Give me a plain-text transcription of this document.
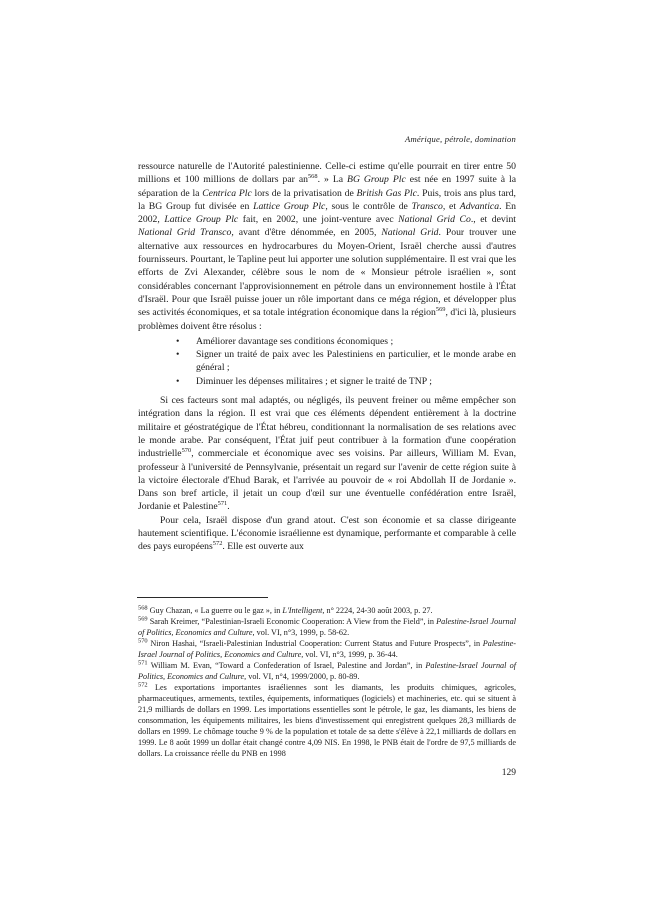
Amérique, pétrole, domination

ressource naturelle de l'Autorité palestinienne. Celle-ci estime qu'elle pourrait en tirer entre 50 millions et 100 millions de dollars par an$^{568}$. » La BG Group Plc est née en 1997 suite à la séparation de la Centrica Plc lors de la privatisation de British Gas Plc. Puis, trois ans plus tard, la BG Group fut divisée en Lattice Group Plc, sous le contrôle de Transco, et Advantica. En 2002, Lattice Group Plc fait, en 2002, une joint-venture avec National Grid Co., et devint National Grid Transco, avant d'être dénommée, en 2005, National Grid. Pour trouver une alternative aux ressources en hydrocarbures du Moyen-Orient, Israël cherche aussi d'autres fournisseurs. Pourtant, le Tapline peut lui apporter une solution supplémentaire. Il est vrai que les efforts de Zvi Alexander, célèbre sous le nom de « Monsieur pétrole israélien », sont considérables concernant l'approvisionnement en pétrole dans un environnement hostile à l'État d'Israël. Pour que Israël puisse jouer un rôle important dans ce méga région, et développer plus ses activités économiques, et sa totale intégration économique dans la région$^{569}$, d'ici là, plusieurs problèmes doivent être résolus :

• Améliorer davantage ses conditions économiques ;
• Signer un traité de paix avec les Palestiniens en particulier, et le monde arabe en général ;
• Diminuer les dépenses militaires ; et signer le traité de TNP ;

Si ces facteurs sont mal adaptés, ou négligés, ils peuvent freiner ou même empêcher son intégration dans la région. Il est vrai que ces éléments dépendent entièrement à la doctrine militaire et géostratégique de l'État hébreu, conditionnant la normalisation de ses relations avec le monde arabe. Par conséquent, l'État juif peut contribuer à la formation d'une coopération industrielle$^{570}$, commerciale et économique avec ses voisins. Par ailleurs, William M. Evan, professeur à l'université de Pennsylvanie, présentait un regard sur l'avenir de cette région suite à la victoire électorale d'Ehud Barak, et l'arrivée au pouvoir de « roi Abdollah II de Jordanie ». Dans son bref article, il jetait un coup d'œil sur une éventuelle confédération entre Israël, Jordanie et Palestine$^{571}$.

Pour cela, Israël dispose d'un grand atout. C'est son économie et sa classe dirigeante hautement scientifique. L'économie israélienne est dynamique, performante et comparable à celle des pays européens$^{572}$. Elle est ouverte aux

$^{568}$ Guy Chazan, « La guerre ou le gaz », in L'Intelligent, n° 2224, 24-30 août 2003, p. 27.

$^{569}$ Sarah Kreimer, “Palestinian-Israeli Economic Cooperation: A View from the Field”, in Palestine-Israel Journal of Politics, Economics and Culture, vol. VI, n°3, 1999, p. 58-62.

$^{570}$ Niron Hashai, “Israeli-Palestinian Industrial Cooperation: Current Status and Future Prospects”, in Palestine-Israel Journal of Politics, Economics and Culture, vol. VI, n°3, 1999, p. 36-44.

$^{571}$ William M. Evan, “Toward a Confederation of Israel, Palestine and Jordan”, in Palestine-Israel Journal of Politics, Economics and Culture, vol. VI, n°4, 1999/2000, p. 80-89.

$^{572}$ Les exportations importantes israéliennes sont les diamants, les produits chimiques, agricoles, pharmaceutiques, armements, textiles, équipements, informatiques (logiciels) et machineries, etc. qui se situent à 21,9 milliards de dollars en 1999. Les importations essentielles sont le pétrole, le gaz, les diamants, les biens de consommation, les équipements militaires, les biens d'investissement qui enregistrent quelques 28,3 milliards de dollars en 1999. Le chômage touche 9 % de la population et totale de sa dette s'élève à 22,1 milliards de dollars en 1999. Le 8 août 1999 un dollar était changé contre 4,09 NIS. En 1998, le PNB était de l'ordre de 97,5 milliards de dollars. La croissance réelle du PNB en 1998

129
